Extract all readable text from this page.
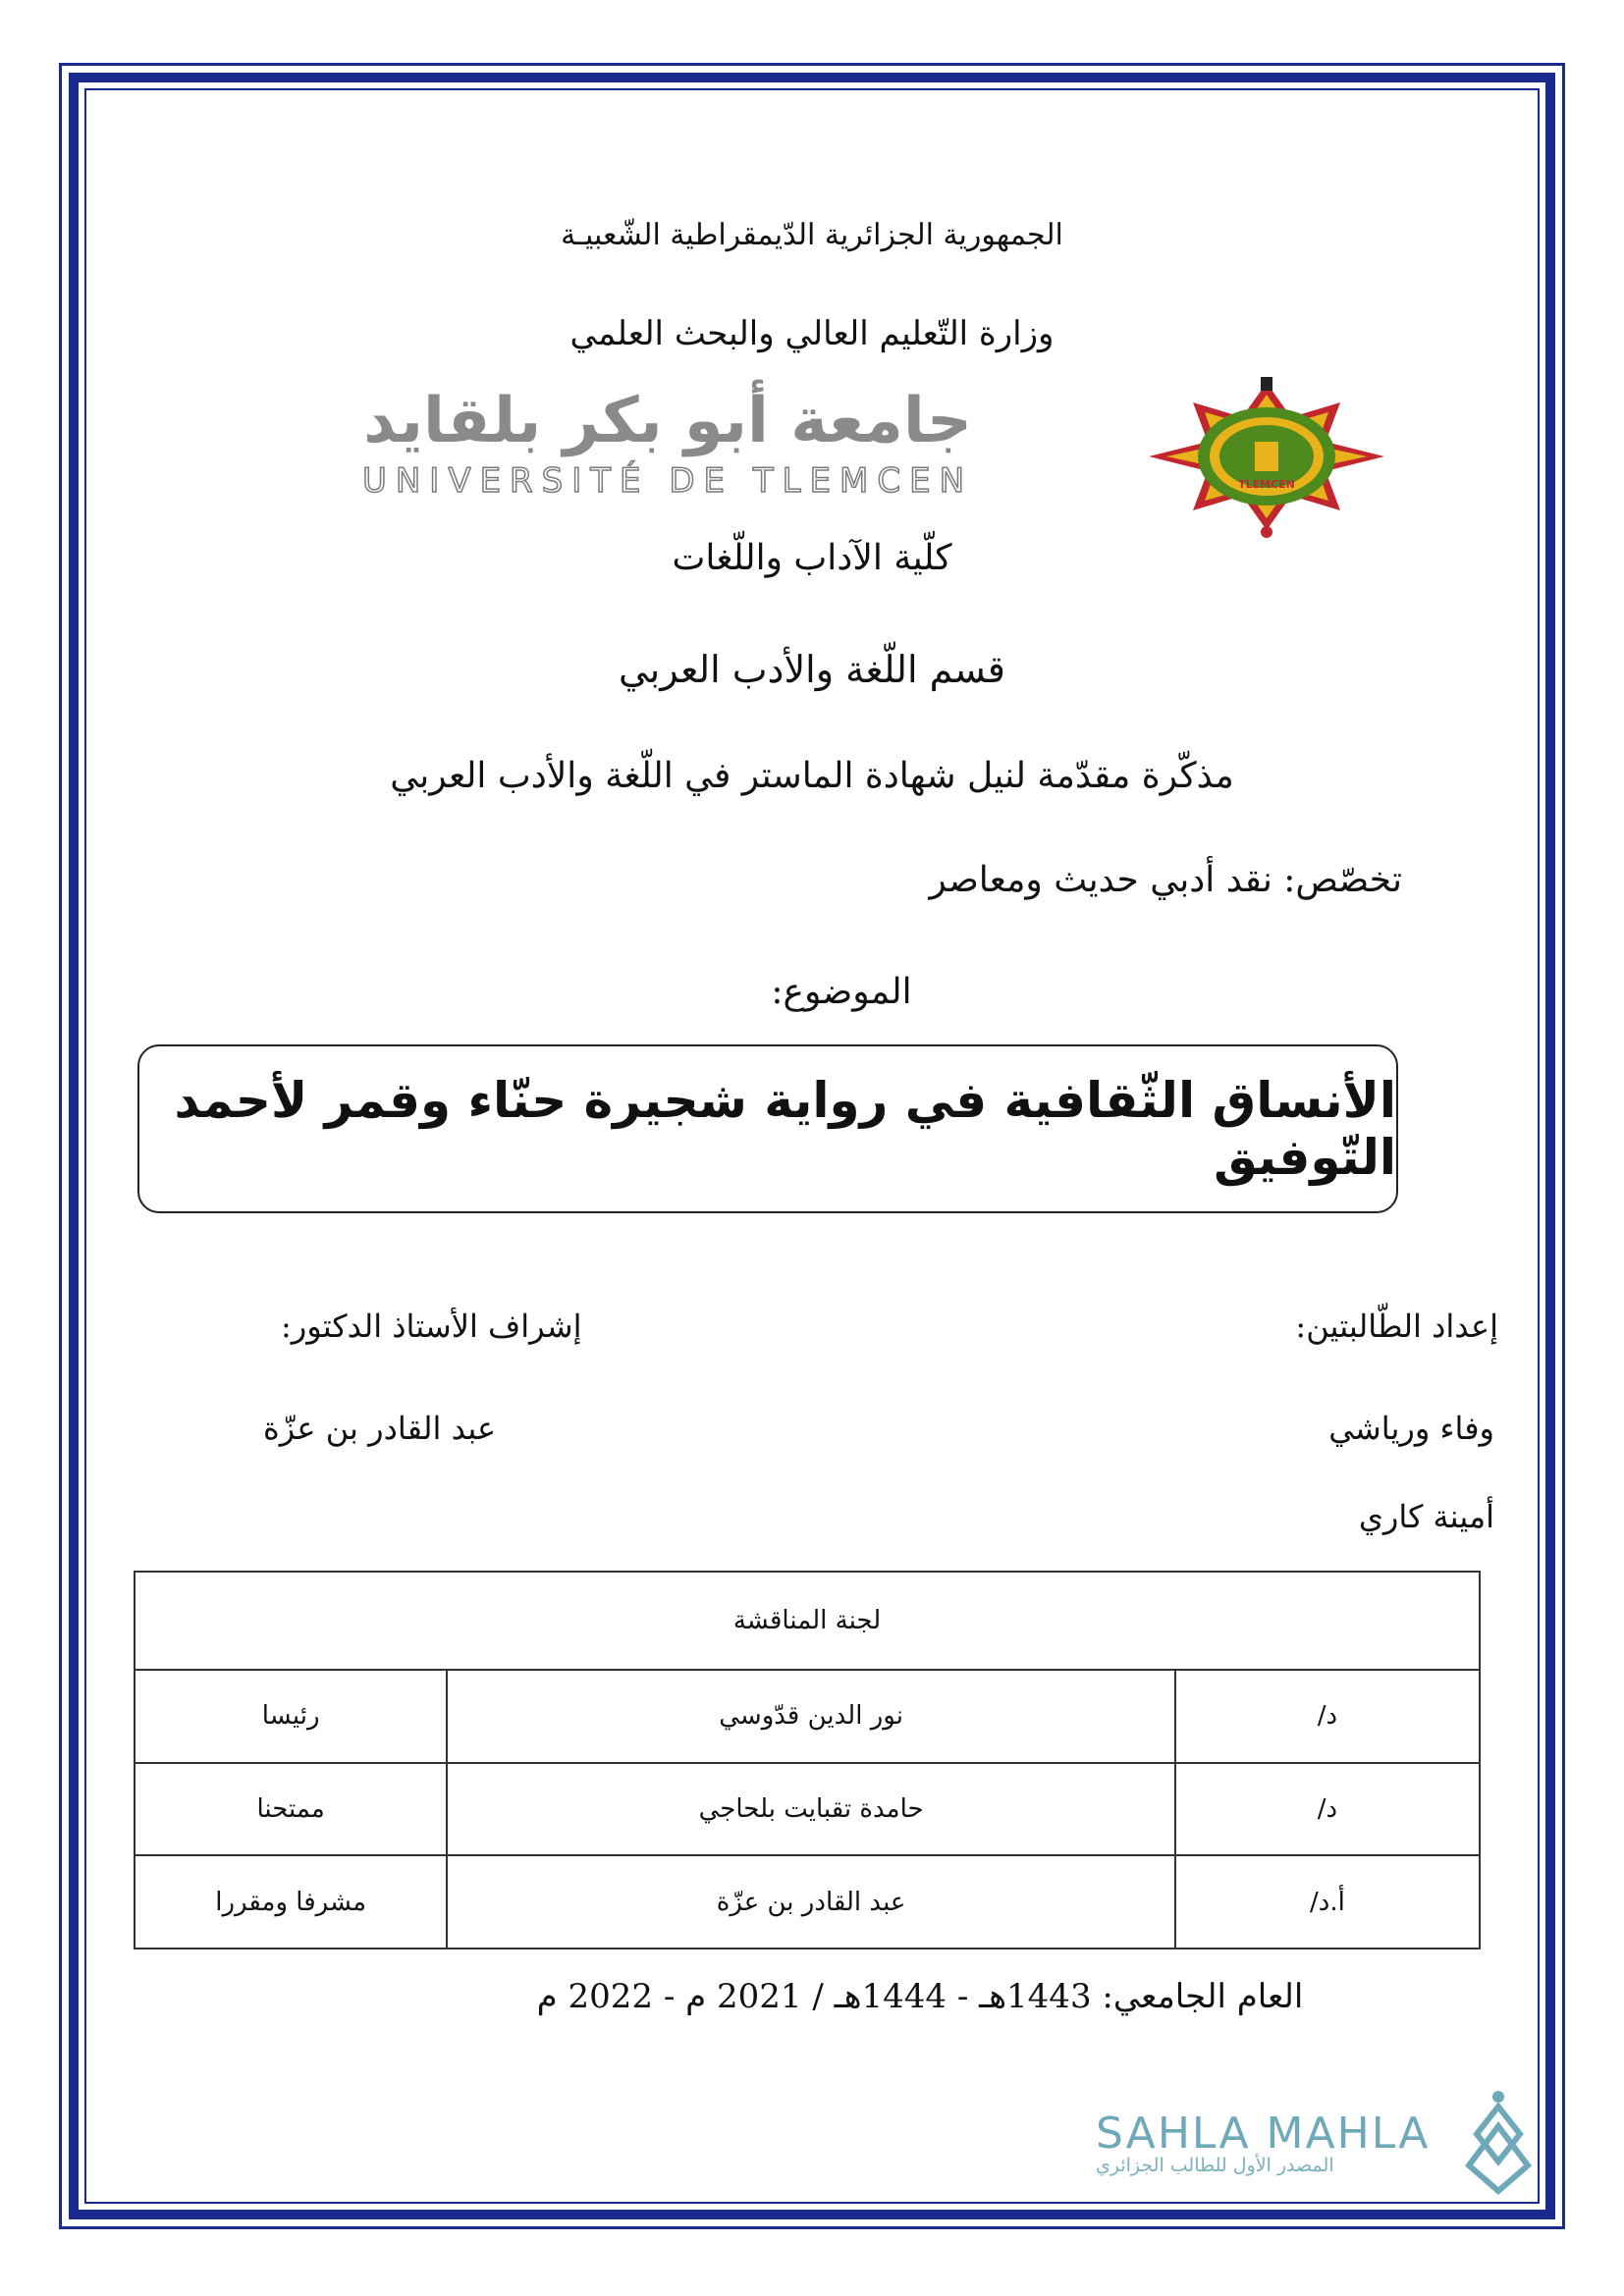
الجمهورية الجزائرية الدّيمقراطية الشّعبيـة
وزارة التّعليم العالي والبحث العلمي
جامعة أبو بكر بلقايد
UNIVERSITÉ DE TLEMCEN	TLEMCEN
كلّية الآداب واللّغات
قسم اللّغة والأدب العربي
مذكّرة مقدّمة لنيل شهادة الماستر في اللّغة والأدب العربي
تخصّص: نقد أدبي حديث ومعاصر
الموضوع:
الأنساق الثّقافية في رواية شجيرة حنّاء وقمر لأحمد التّوفيق
إعداد الطّالبتين:
إشراف الأستاذ الدكتور:
وفاء ورياشي
عبد القادر بن عزّة
أمينة كاري
لجنة المناقشة		
د/	نور الدين قدّوسي	رئيسا
د/	حامدة تقبايت بلحاجي	ممتحنا
أ.د/	عبد القادر بن عزّة	مشرفا ومقررا
العام الجامعي: 1443هـ - 1444هـ / 2021 م - 2022 م
SAHLA MAHLA
المصدر الأول للطالب الجزائري
